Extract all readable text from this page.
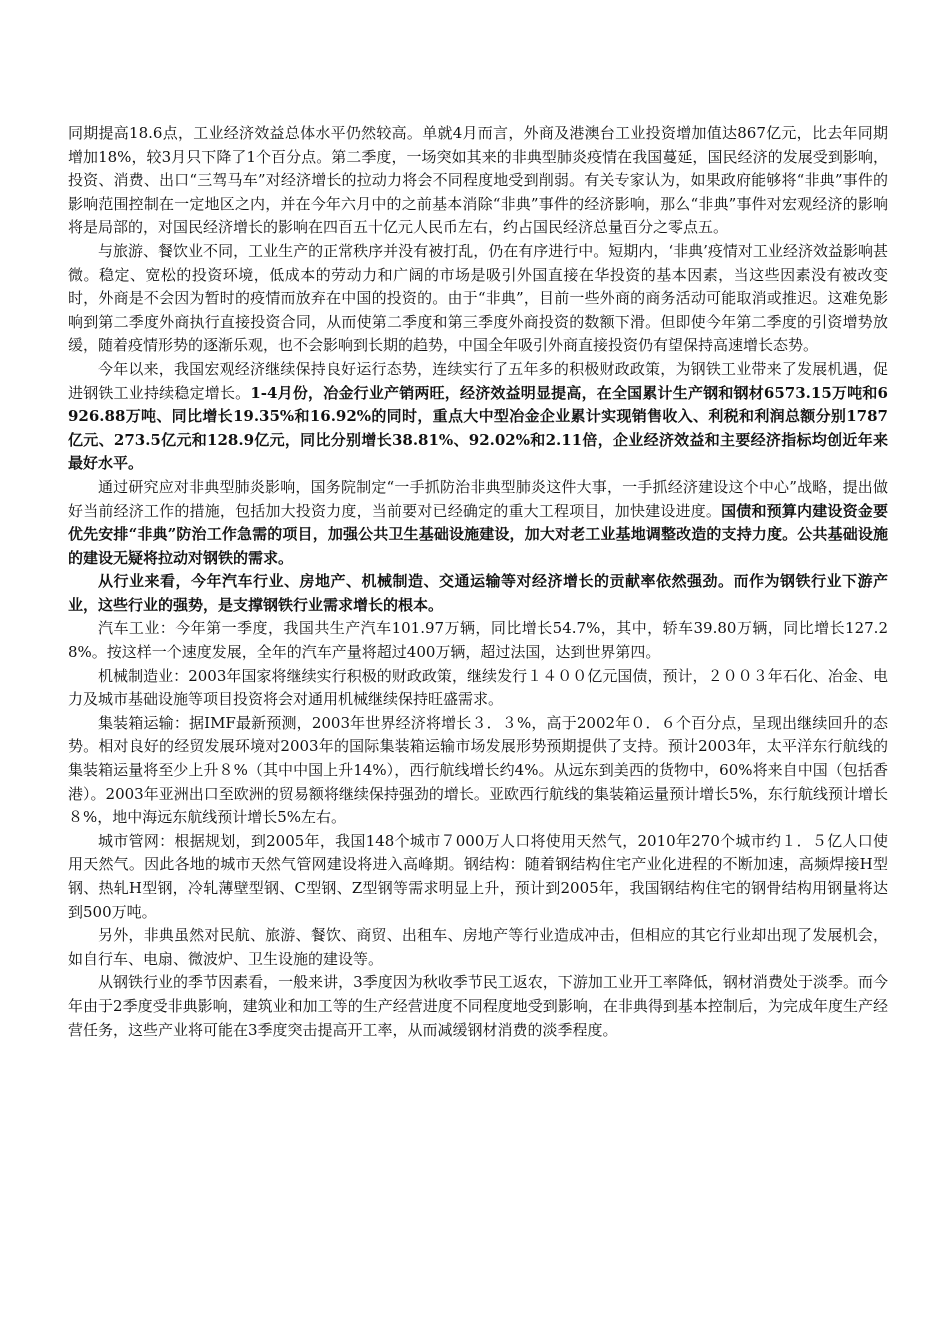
同期提高18.6点，工业经济效益总体水平仍然较高。单就4月而言，外商及港澳台工业投资增加值达867亿元，比去年同期增加18%，较3月只下降了1个百分点。第二季度，一场突如其来的非典型肺炎疫情在我国蔓延，国民经济的发展受到影响，投资、消费、出口“三驾马车”对经济增长的拉动力将会不同程度地受到削弱。有关专家认为，如果政府能够将“非典”事件的影响范围控制在一定地区之内，并在今年六月中的之前基本消除“非典”事件的经济影响，那么“非典”事件对宏观经济的影响将是局部的，对国民经济增长的影响在四百五十亿元人民币左右，约占国民经济总量百分之零点五。

与旅游、餐饮业不同，工业生产的正常秩序并没有被打乱，仍在有序进行中。短期内，‘非典’疫情对工业经济效益影响甚微。稳定、宽松的投资环境，低成本的劳动力和广阔的市场是吸引外国直接在华投资的基本因素，当这些因素没有被改变时，外商是不会因为暂时的疫情而放弃在中国的投资的。由于“非典”，目前一些外商的商务活动可能取消或推迟。这难免影响到第二季度外商执行直接投资合同，从而使第二季度和第三季度外商投资的数额下滑。但即使今年第二季度的引资增势放缓，随着疫情形势的逐渐乐观，也不会影响到长期的趋势，中国全年吸引外商直接投资仍有望保持高速增长态势。

今年以来，我国宏观经济继续保持良好运行态势，连续实行了五年多的积极财政政策，为钢铁工业带来了发展机遇，促进钢铁工业持续稳定增长。1-4月份，冶金行业产销两旺，经济效益明显提高，在全国累计生产钢和钢材6573.15万吨和6926.88万吨、同比增长19.35%和16.92%的同时，重点大中型冶金企业累计实现销售收入、利税和利润总额分别1787亿元、273.5亿元和128.9亿元，同比分别增长38.81%、92.02%和2.11倍，企业经济效益和主要经济指标均创近年来最好水平。

通过研究应对非典型肺炎影响，国务院制定“一手抓防治非典型肺炎这件大事，一手抓经济建设这个中心”战略，提出做好当前经济工作的措施，包括加大投资力度，当前要对已经确定的重大工程项目，加快建设进度。国债和预算内建设资金要优先安排“非典”防治工作急需的项目，加强公共卫生基础设施建设，加大对老工业基地调整改造的支持力度。公共基础设施的建设无疑将拉动对钢铁的需求。

从行业来看，今年汽车行业、房地产、机械制造、交通运输等对经济增长的贡献率依然强劲。而作为钢铁行业下游产业，这些行业的强势，是支撑钢铁行业需求增长的根本。

汽车工业：今年第一季度，我国共生产汽车101.97万辆，同比增长54.7%，其中，轿车39.80万辆，同比增长127.28%。按这样一个速度发展，全年的汽车产量将超过400万辆，超过法国，达到世界第四。

机械制造业：2003年国家将继续实行积极的财政政策，继续发行１４００亿元国债，预计，２００３年石化、冶金、电力及城市基础设施等项目投资将会对通用机械继续保持旺盛需求。

集装箱运输：据IMF最新预测，2003年世界经济将增长３．３%，高于2002年０．６个百分点，呈现出继续回升的态势。相对良好的经贸发展环境对2003年的国际集装箱运输市场发展形势预期提供了支持。预计2003年，太平洋东行航线的集装箱运量将至少上升８%（其中中国上升14%），西行航线增长约4%。从远东到美西的货物中，60%将来自中国（包括香港）。2003年亚洲出口至欧洲的贸易额将继续保持强劲的增长。亚欧西行航线的集装箱运量预计增长5%，东行航线预计增长８%，地中海远东航线预计增长5%左右。

城市管网：根据规划，到2005年，我国148个城市７000万人口将使用天然气，2010年270个城市约１．５亿人口使用天然气。因此各地的城市天然气管网建设将进入高峰期。钢结构：随着钢结构住宅产业化进程的不断加速，高频焊接H型钢、热轧H型钢，冷轧薄壁型钢、C型钢、Z型钢等需求明显上升，预计到2005年，我国钢结构住宅的钢骨结构用钢量将达到500万吨。

另外，非典虽然对民航、旅游、餐饮、商贸、出租车、房地产等行业造成冲击，但相应的其它行业却出现了发展机会，如自行车、电扇、微波炉、卫生设施的建设等。

从钢铁行业的季节因素看，一般来讲，3季度因为秋收季节民工返农，下游加工业开工率降低，钢材消费处于淡季。而今年由于2季度受非典影响，建筑业和加工等的生产经营进度不同程度地受到影响，在非典得到基本控制后，为完成年度生产经营任务，这些产业将可能在3季度突击提高开工率，从而减缓钢材消费的淡季程度。
